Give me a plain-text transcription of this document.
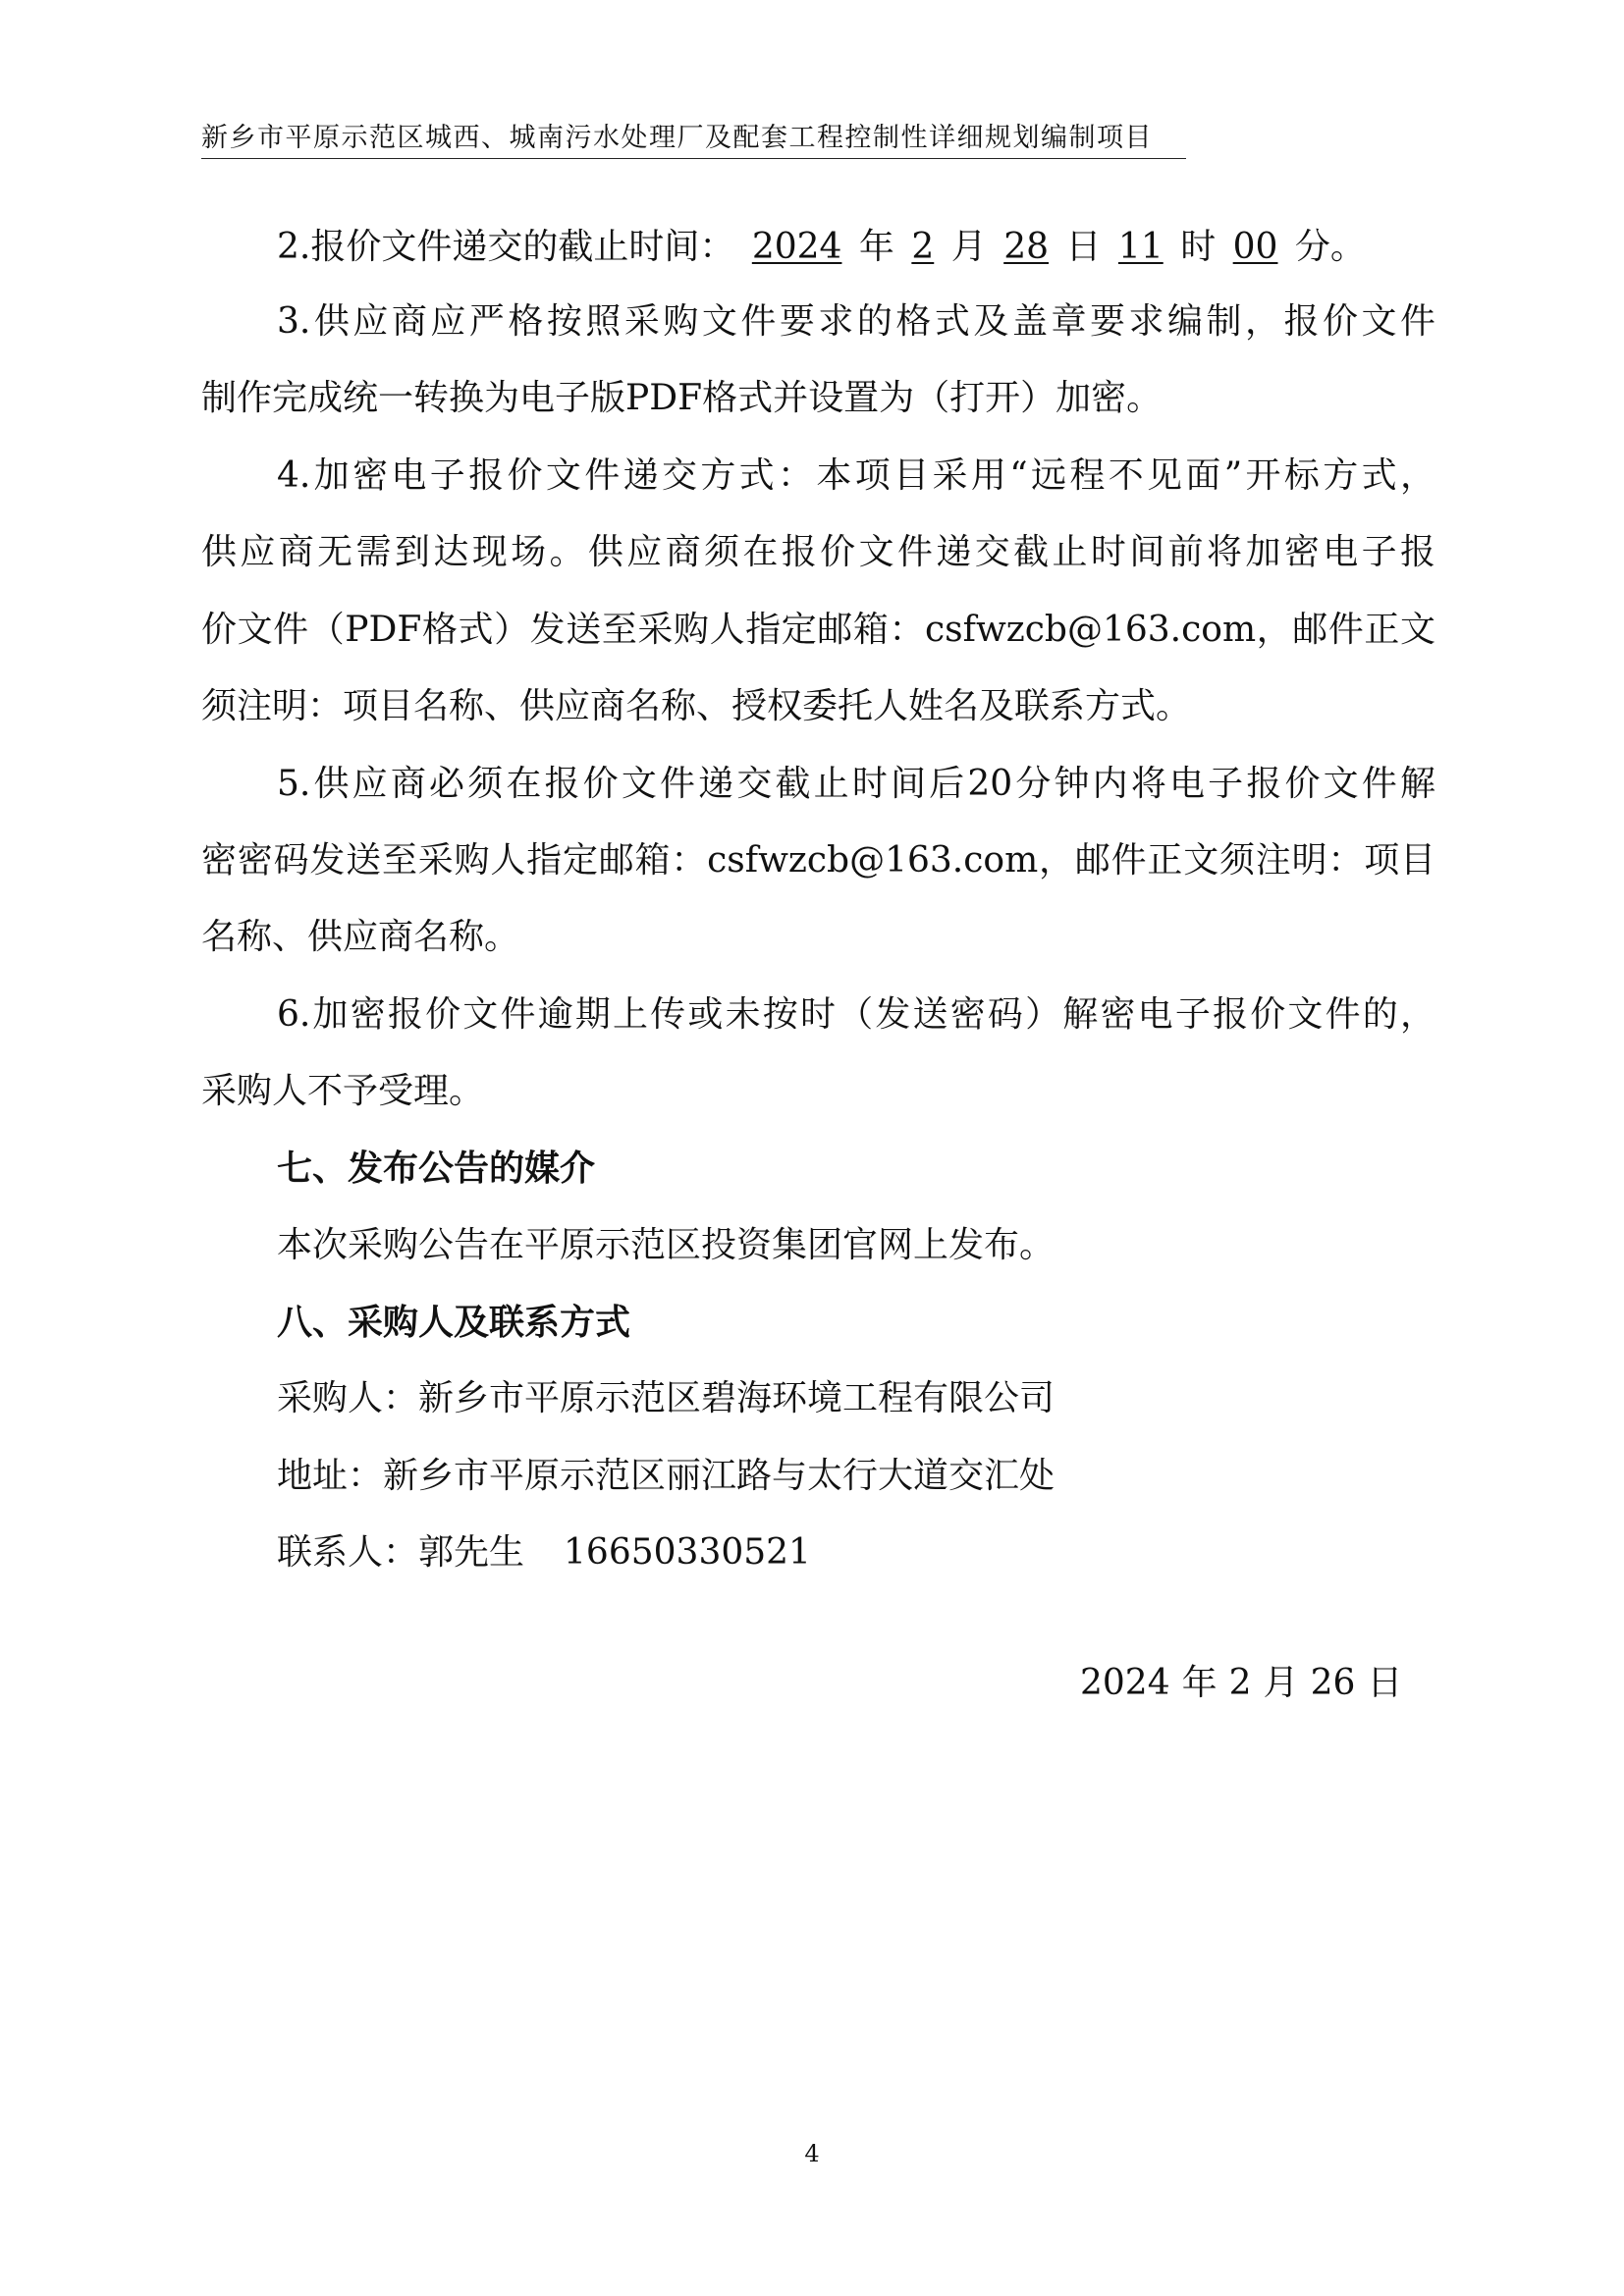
新乡市平原示范区城西、城南污水处理厂及配套工程控制性详细规划编制项目
2.报价文件递交的截止时间： 2024 年 2 月 28 日 11 时 00 分。
3.供应商应严格按照采购文件要求的格式及盖章要求编制，报价文件
制作完成统一转换为电子版PDF格式并设置为（打开）加密。
4.加密电子报价文件递交方式：本项目采用“远程不见面”开标方式，
供应商无需到达现场。供应商须在报价文件递交截止时间前将加密电子报
价文件（PDF格式）发送至采购人指定邮箱：csfwzcb@163.com，邮件正文
须注明：项目名称、供应商名称、授权委托人姓名及联系方式。
5.供应商必须在报价文件递交截止时间后20分钟内将电子报价文件解
密密码发送至采购人指定邮箱：csfwzcb@163.com，邮件正文须注明：项目
名称、供应商名称。
6.加密报价文件逾期上传或未按时（发送密码）解密电子报价文件的，
采购人不予受理。
七、发布公告的媒介
本次采购公告在平原示范区投资集团官网上发布。
八、采购人及联系方式
采购人：新乡市平原示范区碧海环境工程有限公司
地址：新乡市平原示范区丽江路与太行大道交汇处
联系人：郭先生 16650330521
2024 年 2 月 26 日
4
